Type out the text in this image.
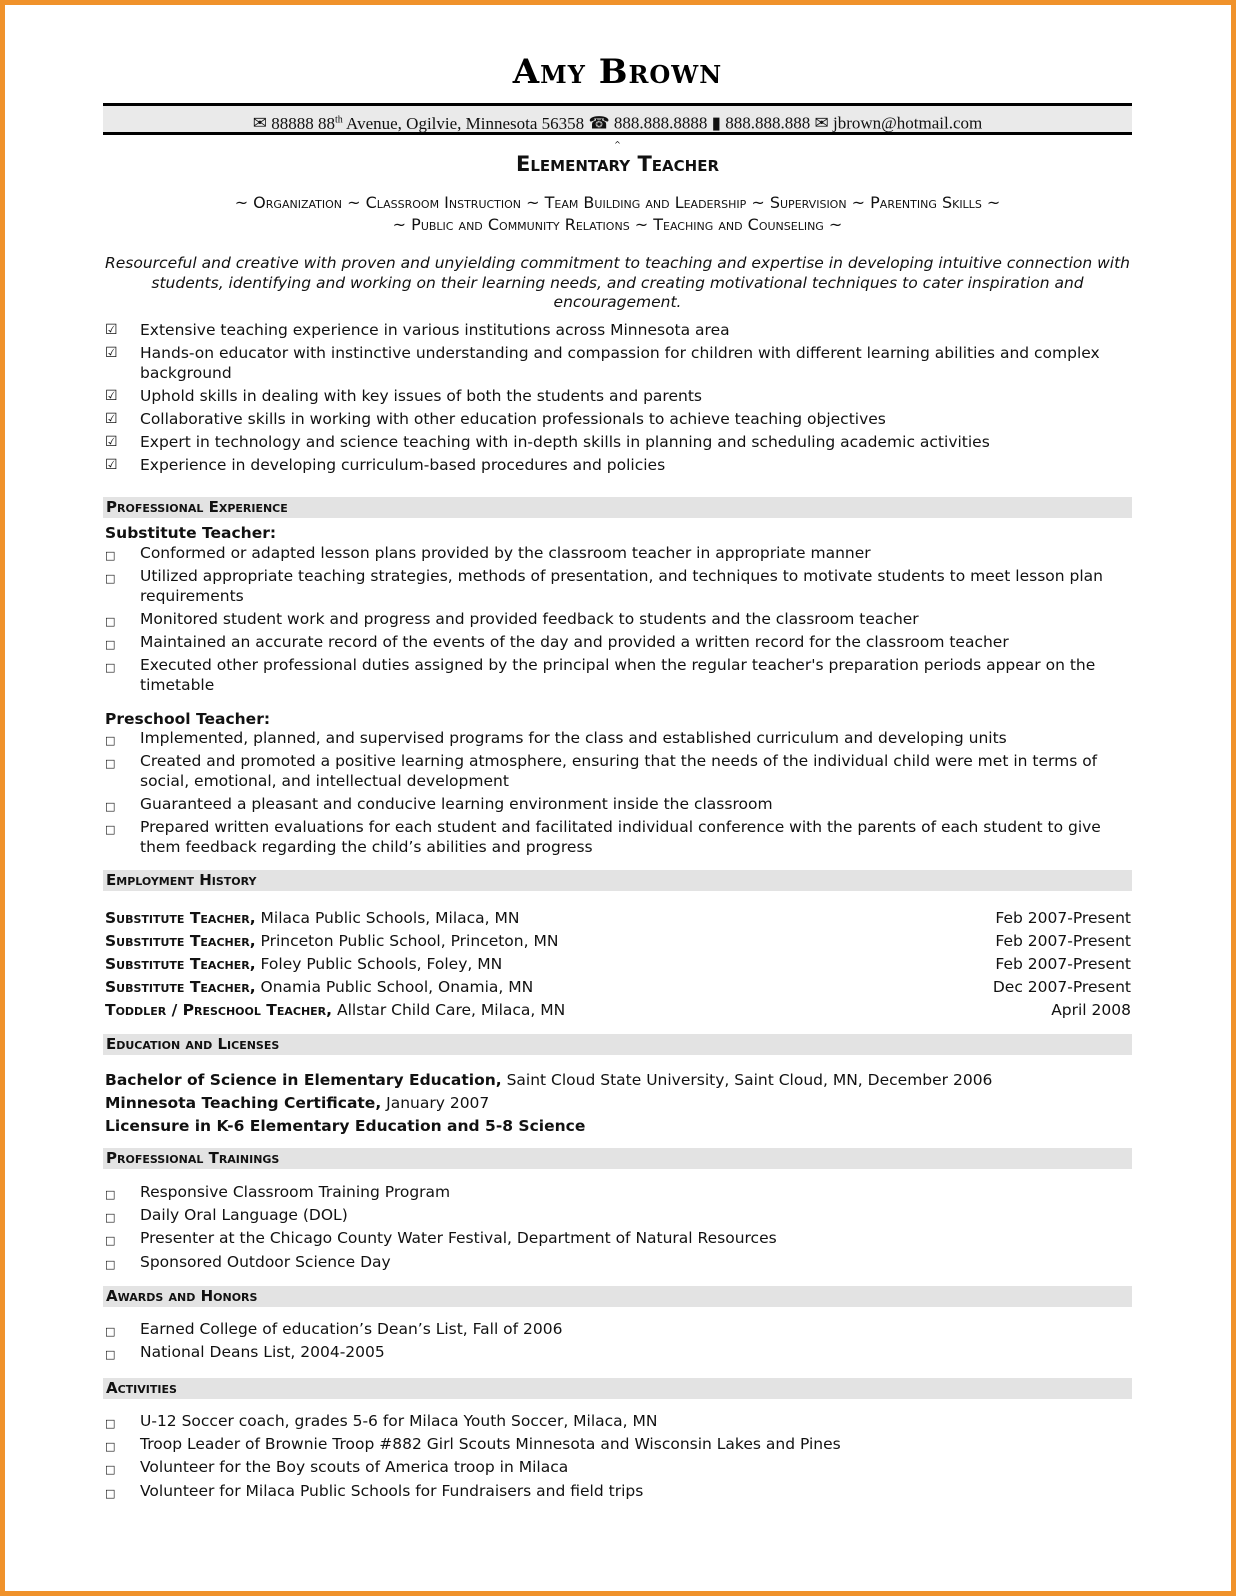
Amy Brown
✉ 88888 88th Avenue, Ogilvie, Minnesota 56358 ☎ 888.888.8888 ▮ 888.888.888 ✉ jbrown@hotmail.com
^
Elementary Teacher
~ Organization ~ Classroom Instruction ~ Team Building and Leadership ~ Supervision ~ Parenting Skills ~
~ Public and Community Relations ~ Teaching and Counseling ~
Resourceful and creative with proven and unyielding commitment to teaching and expertise in developing intuitive connection with students, identifying and working on their learning needs, and creating motivational techniques to cater inspiration and encouragement.
☑ Extensive teaching experience in various institutions across Minnesota area
☑ Hands-on educator with instinctive understanding and compassion for children with different learning abilities and complex background
☑ Uphold skills in dealing with key issues of both the students and parents
☑ Collaborative skills in working with other education professionals to achieve teaching objectives
☑ Expert in technology and science teaching with in-depth skills in planning and scheduling academic activities
☑ Experience in developing curriculum-based procedures and policies
Professional Experience
Substitute Teacher:
□ Conformed or adapted lesson plans provided by the classroom teacher in appropriate manner
□ Utilized appropriate teaching strategies, methods of presentation, and techniques to motivate students to meet lesson plan requirements
□ Monitored student work and progress and provided feedback to students and the classroom teacher
□ Maintained an accurate record of the events of the day and provided a written record for the classroom teacher
□ Executed other professional duties assigned by the principal when the regular teacher's preparation periods appear on the timetable
Preschool Teacher:
□ Implemented, planned, and supervised programs for the class and established curriculum and developing units
□ Created and promoted a positive learning atmosphere, ensuring that the needs of the individual child were met in terms of social, emotional, and intellectual development
□ Guaranteed a pleasant and conducive learning environment inside the classroom
□ Prepared written evaluations for each student and facilitated individual conference with the parents of each student to give them feedback regarding the child’s abilities and progress
Employment History
Substitute Teacher, Milaca Public Schools, Milaca, MN	Feb 2007-Present
Substitute Teacher, Princeton Public School, Princeton, MN	Feb 2007-Present
Substitute Teacher, Foley Public Schools, Foley, MN	Feb 2007-Present
Substitute Teacher, Onamia Public School, Onamia, MN	Dec 2007-Present
Toddler / Preschool Teacher, Allstar Child Care, Milaca, MN	April 2008
Education and Licenses
Bachelor of Science in Elementary Education, Saint Cloud State University, Saint Cloud, MN, December 2006
Minnesota Teaching Certificate, January 2007
Licensure in K-6 Elementary Education and 5-8 Science
Professional Trainings
□ Responsive Classroom Training Program
□ Daily Oral Language (DOL)
□ Presenter at the Chicago County Water Festival, Department of Natural Resources
□ Sponsored Outdoor Science Day
Awards and Honors
□ Earned College of education’s Dean’s List, Fall of 2006
□ National Deans List, 2004-2005
Activities
□ U-12 Soccer coach, grades 5-6 for Milaca Youth Soccer, Milaca, MN
□ Troop Leader of Brownie Troop #882 Girl Scouts Minnesota and Wisconsin Lakes and Pines
□ Volunteer for the Boy scouts of America troop in Milaca
□ Volunteer for Milaca Public Schools for Fundraisers and field trips
